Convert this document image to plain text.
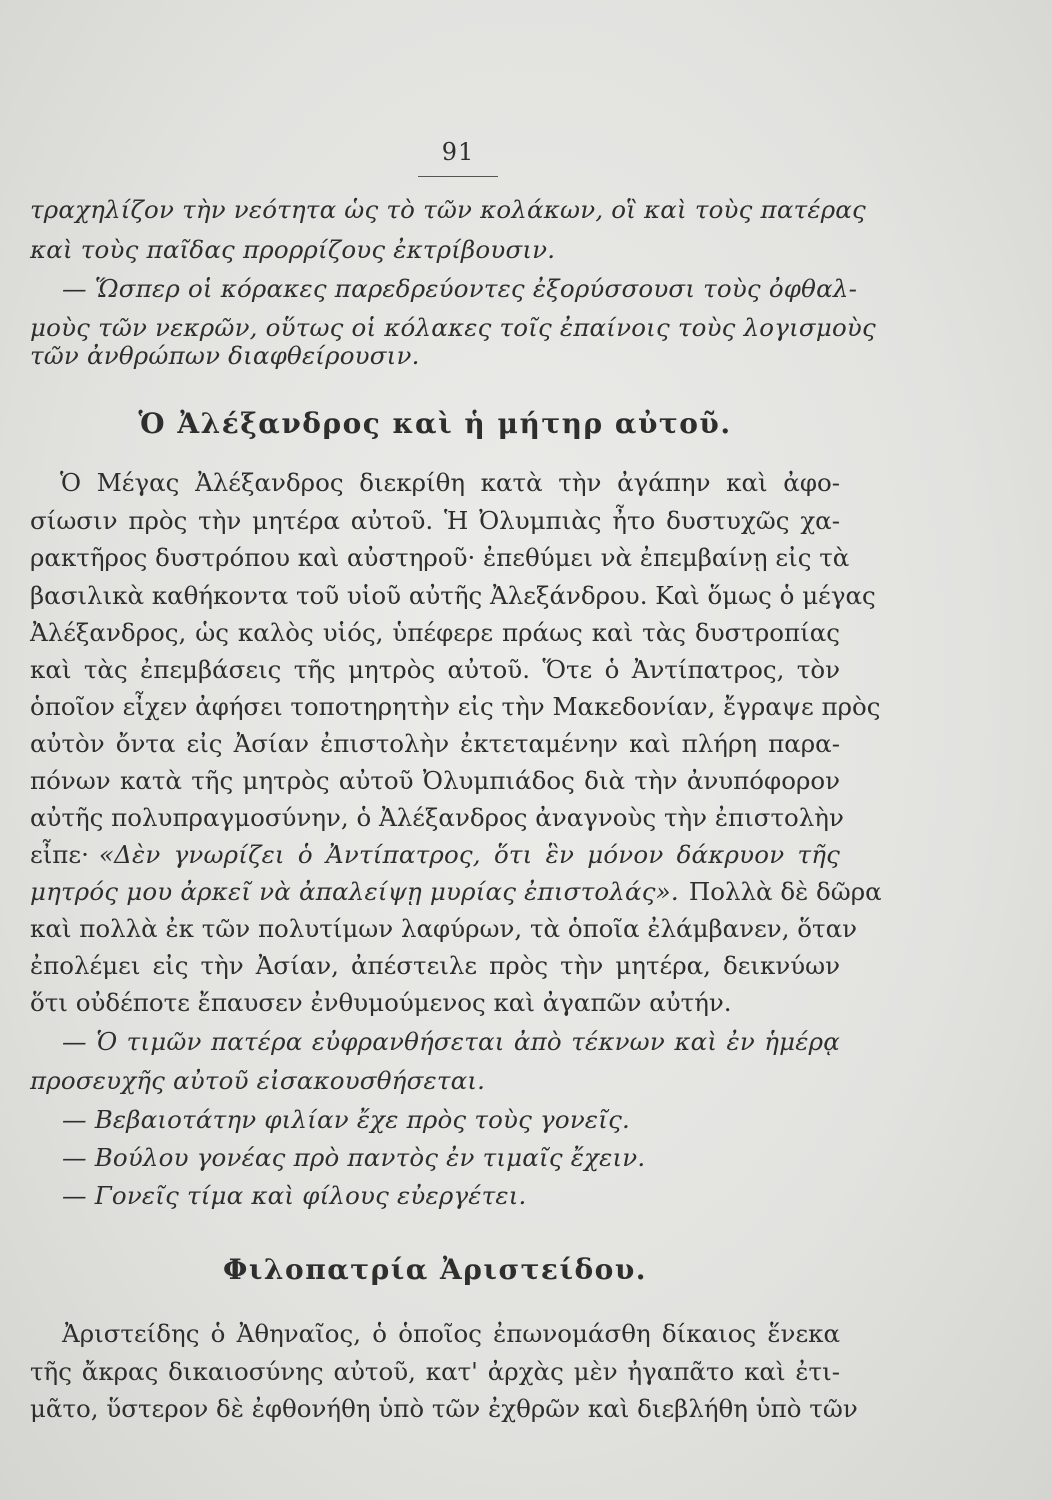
91
τραχηλίζον τὴν νεότητα ὡς τὸ τῶν κολάκων, οἳ καὶ τοὺς πατέρας
καὶ τοὺς παῖδας προρρίζους ἐκτρίβουσιν.
— Ὥσπερ οἱ κόρακες παρεδρεύοντες ἐξορύσσουσι τοὺς ὀφθαλ-
μοὺς τῶν νεκρῶν, οὕτως οἱ κόλακες τοῖς ἐπαίνοις τοὺς λογισμοὺς
τῶν ἀνθρώπων διαφθείρουσιν.
Ὁ Ἀλέξανδρος καὶ ἡ μήτηρ αὐτοῦ.
Ὁ Μέγας Ἀλέξανδρος διεκρίθη κατὰ τὴν ἀγάπην καὶ ἀφο-
σίωσιν πρὸς τὴν μητέρα αὐτοῦ. Ἡ Ὀλυμπιὰς ἦτο δυστυχῶς χα-
ρακτῆρος δυστρόπου καὶ αὐστηροῦ· ἐπεθύμει νὰ ἐπεμβαίνῃ εἰς τὰ
βασιλικὰ καθήκοντα τοῦ υἱοῦ αὐτῆς Ἀλεξάνδρου. Καὶ ὅμως ὁ μέγας
Ἀλέξανδρος, ὡς καλὸς υἱός, ὑπέφερε πράως καὶ τὰς δυστροπίας
καὶ τὰς ἐπεμβάσεις τῆς μητρὸς αὐτοῦ. Ὅτε ὁ Ἀντίπατρος, τὸν
ὁποῖον εἶχεν ἀφήσει τοποτηρητὴν εἰς τὴν Μακεδονίαν, ἔγραψε πρὸς
αὐτὸν ὄντα εἰς Ἀσίαν ἐπιστολὴν ἐκτεταμένην καὶ πλήρη παρα-
πόνων κατὰ τῆς μητρὸς αὐτοῦ Ὀλυμπιάδος διὰ τὴν ἀνυπόφορον
αὐτῆς πολυπραγμοσύνην, ὁ Ἀλέξανδρος ἀναγνοὺς τὴν ἐπιστολὴν
εἶπε· «Δὲν γνωρίζει ὁ Ἀντίπατρος, ὅτι ἓν μόνον δάκρυον τῆς
μητρός μου ἀρκεῖ νὰ ἀπαλείψῃ μυρίας ἐπιστολάς». Πολλὰ δὲ δῶρα
καὶ πολλὰ ἐκ τῶν πολυτίμων λαφύρων, τὰ ὁποῖα ἐλάμβανεν, ὅταν
ἐπολέμει εἰς τὴν Ἀσίαν, ἀπέστειλε πρὸς τὴν μητέρα, δεικνύων
ὅτι οὐδέποτε ἔπαυσεν ἐνθυμούμενος καὶ ἀγαπῶν αὐτήν.
— Ὁ τιμῶν πατέρα εὐφρανθήσεται ἀπὸ τέκνων καὶ ἐν ἡμέρᾳ
προσευχῆς αὐτοῦ εἰσακουσθήσεται.
— Βεβαιοτάτην φιλίαν ἔχε πρὸς τοὺς γονεῖς.
— Βούλου γονέας πρὸ παντὸς ἐν τιμαῖς ἔχειν.
— Γονεῖς τίμα καὶ φίλους εὐεργέτει.
Φιλοπατρία Ἀριστείδου.
Ἀριστείδης ὁ Ἀθηναῖος, ὁ ὁποῖος ἐπωνομάσθη δίκαιος ἕνεκα
τῆς ἄκρας δικαιοσύνης αὐτοῦ, κατ' ἀρχὰς μὲν ἠγαπᾶτο καὶ ἐτι-
μᾶτο, ὕστερον δὲ ἐφθονήθη ὑπὸ τῶν ἐχθρῶν καὶ διεβλήθη ὑπὸ τῶν
